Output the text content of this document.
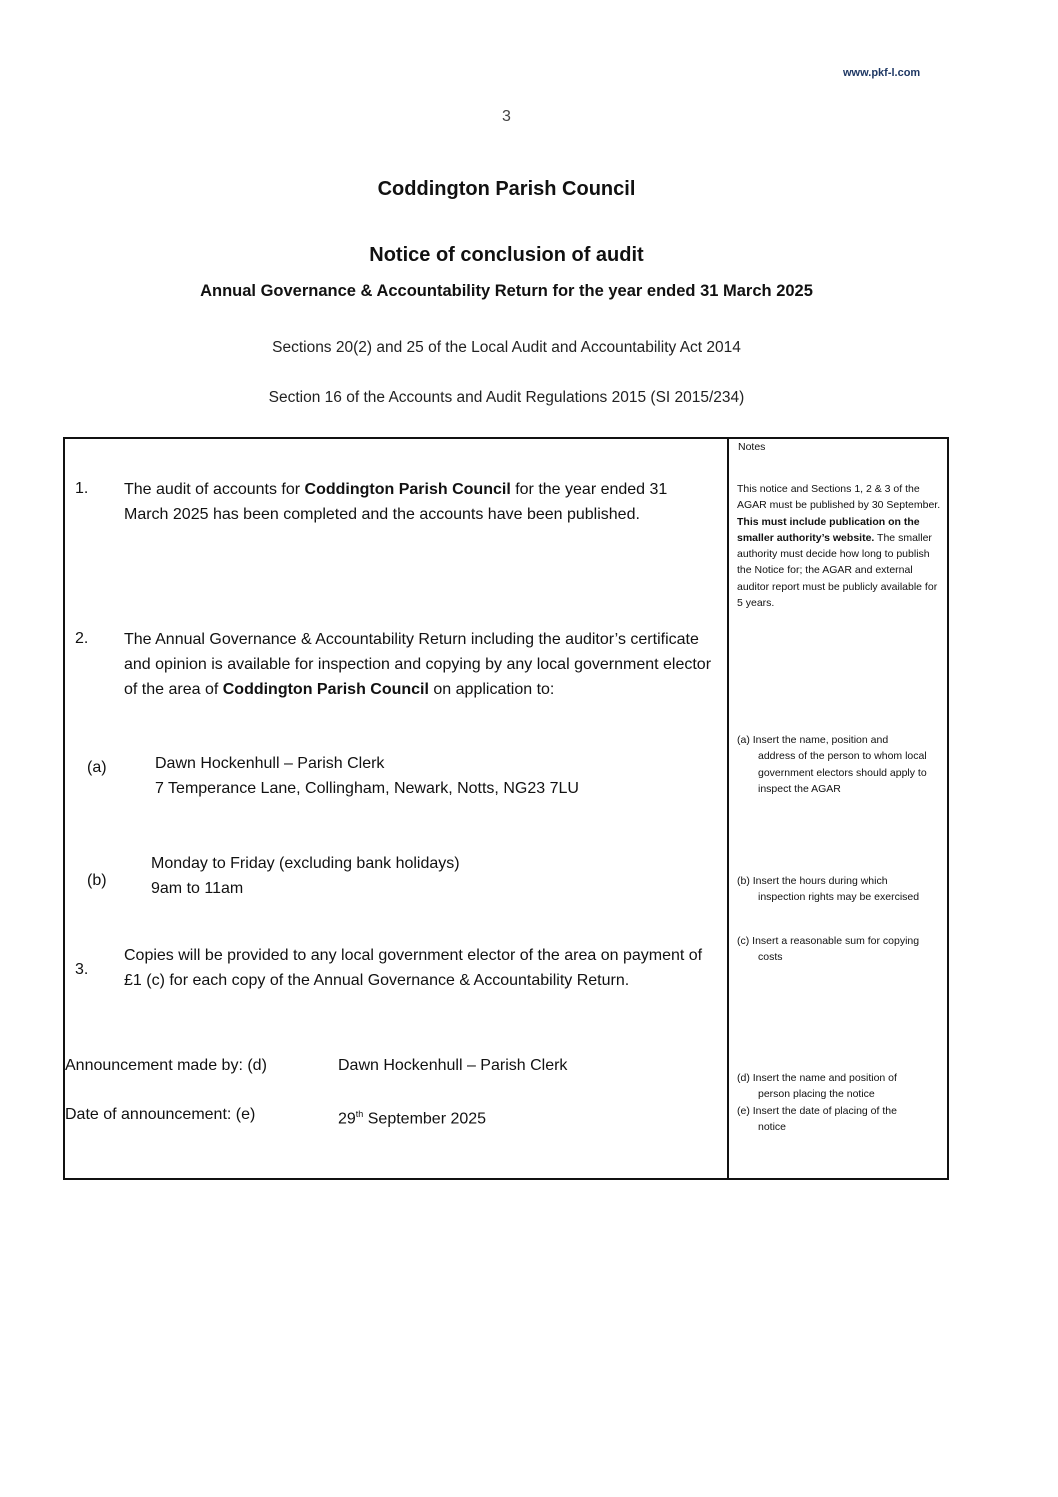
www.pkf-l.com
3
Coddington Parish Council
Notice of conclusion of audit
Annual Governance & Accountability Return for the year ended 31 March 2025
Sections 20(2) and 25 of the Local Audit and Accountability Act 2014
Section 16 of the Accounts and Audit Regulations 2015 (SI 2015/234)
1. The audit of accounts for Coddington Parish Council for the year ended 31 March 2025 has been completed and the accounts have been published.
2. The Annual Governance & Accountability Return including the auditor’s certificate and opinion is available for inspection and copying by any local government elector of the area of Coddington Parish Council on application to:
(a)	Dawn Hockenhull – Parish Clerk
7 Temperance Lane, Collingham, Newark, Notts, NG23 7LU
(b)
Monday to Friday (excluding bank holidays)
9am to 11am
3.
Copies will be provided to any local government elector of the area on payment of £1 (c) for each copy of the Annual Governance & Accountability Return.
Announcement made by: (d)	Dawn Hockenhull – Parish Clerk
Date of announcement: (e)	29th September 2025
Notes
This notice and Sections 1, 2 & 3 of the AGAR must be published by 30 September. This must include publication on the smaller authority’s website. The smaller authority must decide how long to publish the Notice for; the AGAR and external auditor report must be publicly available for 5 years.
(a) Insert the name, position and
address of the person to whom local government electors should apply to inspect the AGAR
(b) Insert the hours during which
inspection rights may be exercised
(c) Insert a reasonable sum for copying
costs
(d) Insert the name and position of
person placing the notice
(e) Insert the date of placing of the
notice
